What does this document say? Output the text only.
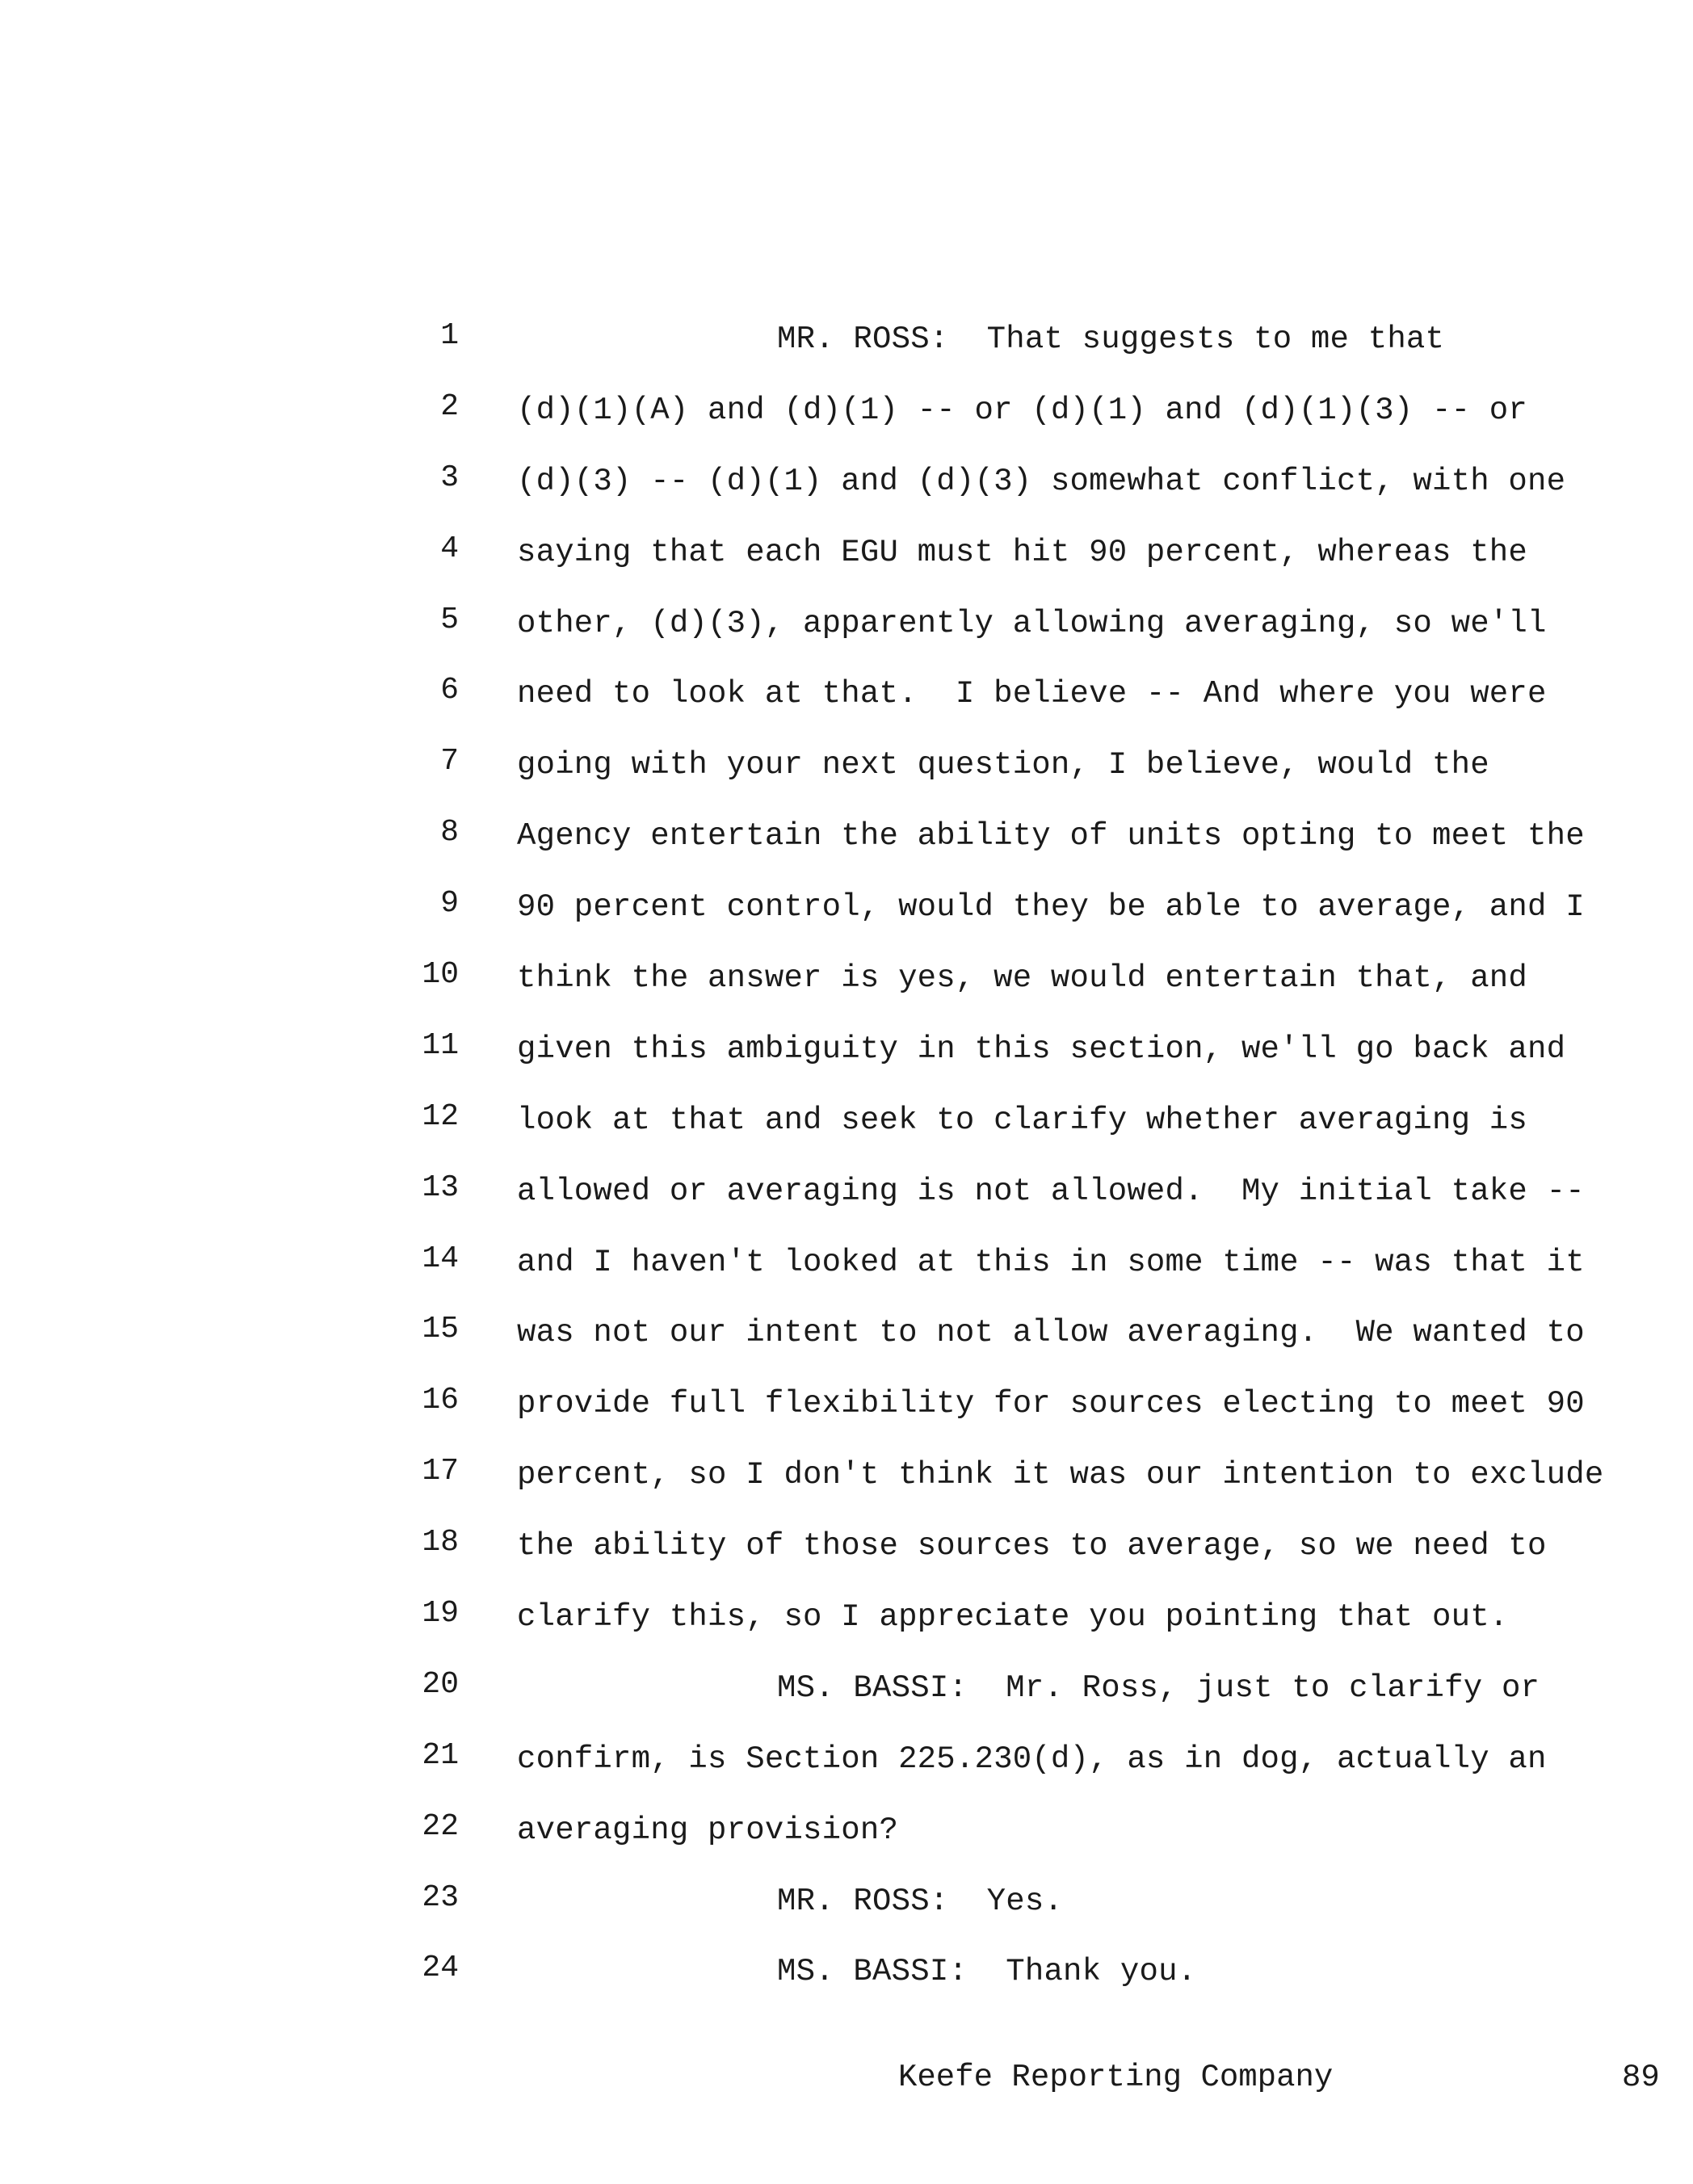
1	MR. ROSS:  That suggests to me that
2 (d)(1)(A) and (d)(1) -- or (d)(1) and (d)(1)(3) -- or
3 (d)(3) -- (d)(1) and (d)(3) somewhat conflict, with one
4 saying that each EGU must hit 90 percent, whereas the
5 other, (d)(3), apparently allowing averaging, so we'll
6 need to look at that.  I believe -- And where you were
7 going with your next question, I believe, would the
8 Agency entertain the ability of units opting to meet the
9 90 percent control, would they be able to average, and I
10 think the answer is yes, we would entertain that, and
11 given this ambiguity in this section, we'll go back and
12 look at that and seek to clarify whether averaging is
13 allowed or averaging is not allowed.  My initial take --
14 and I haven't looked at this in some time -- was that it
15 was not our intent to not allow averaging.  We wanted to
16 provide full flexibility for sources electing to meet 90
17 percent, so I don't think it was our intention to exclude
18 the ability of those sources to average, so we need to
19 clarify this, so I appreciate you pointing that out.
20	MS. BASSI:  Mr. Ross, just to clarify or
21 confirm, is Section 225.230(d), as in dog, actually an
22 averaging provision?
23	MR. ROSS:  Yes.
24	MS. BASSI:  Thank you.
Keefe Reporting Company	89
